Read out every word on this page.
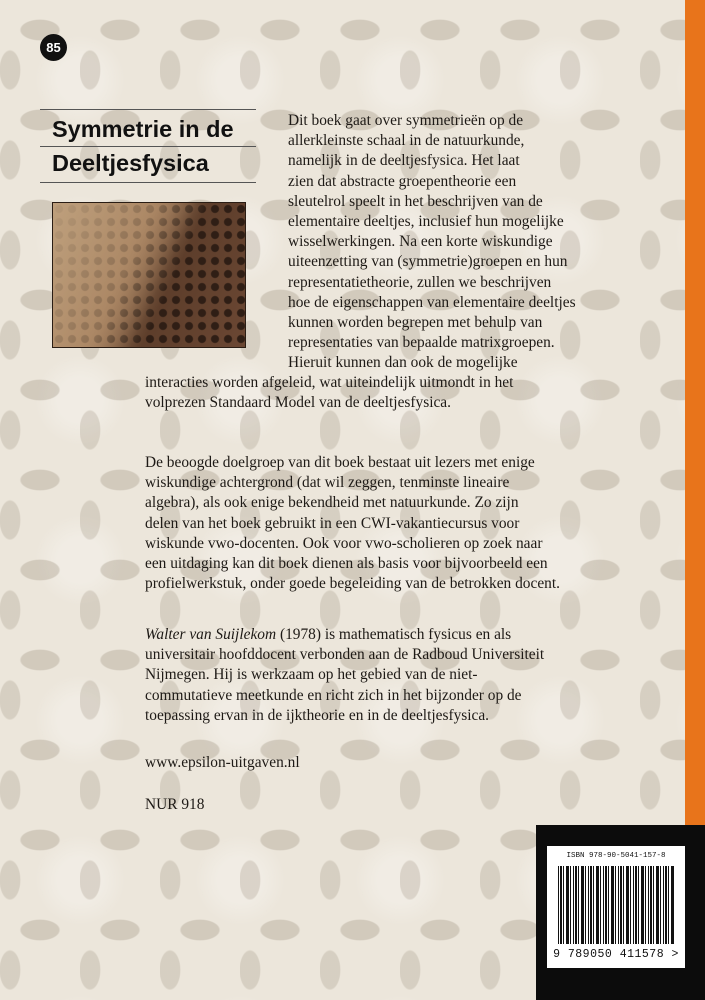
85
Symmetrie in de
Deeltjesfysica

Dit boek gaat over symmetrieën op de
allerkleinste schaal in de natuurkunde,
namelijk in de deeltjesfysica. Het laat
zien dat abstracte groepentheorie een
sleutelrol speelt in het beschrijven van de
elementaire deeltjes, inclusief hun mogelijke
wisselwerkingen. Na een korte wiskundige
uiteenzetting van (symmetrie)groepen en hun
representatietheorie, zullen we beschrijven
hoe de eigenschappen van elementaire deeltjes
kunnen worden begrepen met behulp van
representaties van bepaalde matrixgroepen.
Hieruit kunnen dan ook de mogelijke

interacties worden afgeleid, wat uiteindelijk uitmondt in het
volprezen Standaard Model van de deeltjesfysica.

De beoogde doelgroep van dit boek bestaat uit lezers met enige
wiskundige achtergrond (dat wil zeggen, tenminste lineaire
algebra), als ook enige bekendheid met natuurkunde. Zo zijn
delen van het boek gebruikt in een CWI-vakantiecursus voor
wiskunde vwo-docenten. Ook voor vwo-scholieren op zoek naar
een uitdaging kan dit boek dienen als basis voor bijvoorbeeld een
profielwerkstuk, onder goede begeleiding van de betrokken docent.

Walter van Suijlekom (1978) is mathematisch fysicus en als
universitair hoofddocent verbonden aan de Radboud Universiteit
Nijmegen. Hij is werkzaam op het gebied van de niet-
commutatieve meetkunde en richt zich in het bijzonder op de
toepassing ervan in de ijktheorie en in de deeltjesfysica.

www.epsilon-uitgaven.nl
NUR 918
ISBN 978-90-5041-157-8
9 789050 411578 >
